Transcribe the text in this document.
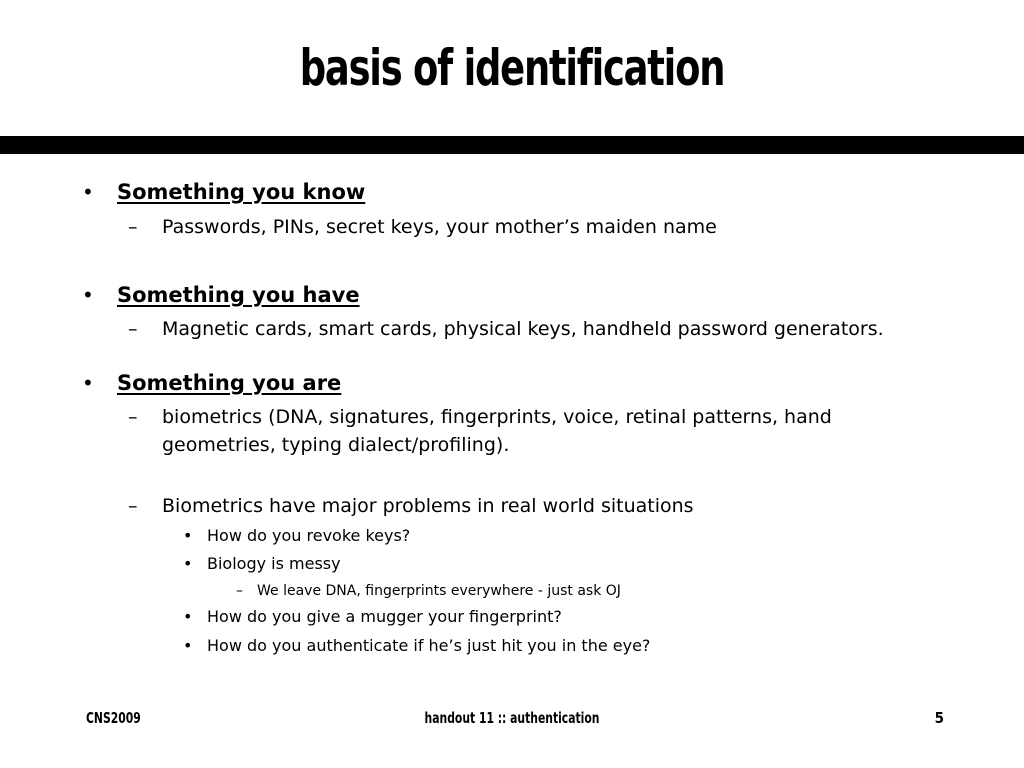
basis of identification
• Something you know
– Passwords, PINs, secret keys, your mother’s maiden name
• Something you have
– Magnetic cards, smart cards, physical keys, handheld password generators.
• Something you are
– biometrics (DNA, signatures, fingerprints, voice, retinal patterns, hand geometries, typing dialect/profiling).
– Biometrics have major problems in real world situations
• How do you revoke keys?
• Biology is messy
– We leave DNA, fingerprints everywhere - just ask OJ
• How do you give a mugger your fingerprint?
• How do you authenticate if he’s just hit you in the eye?
CNS2009	handout 11 :: authentication	5
